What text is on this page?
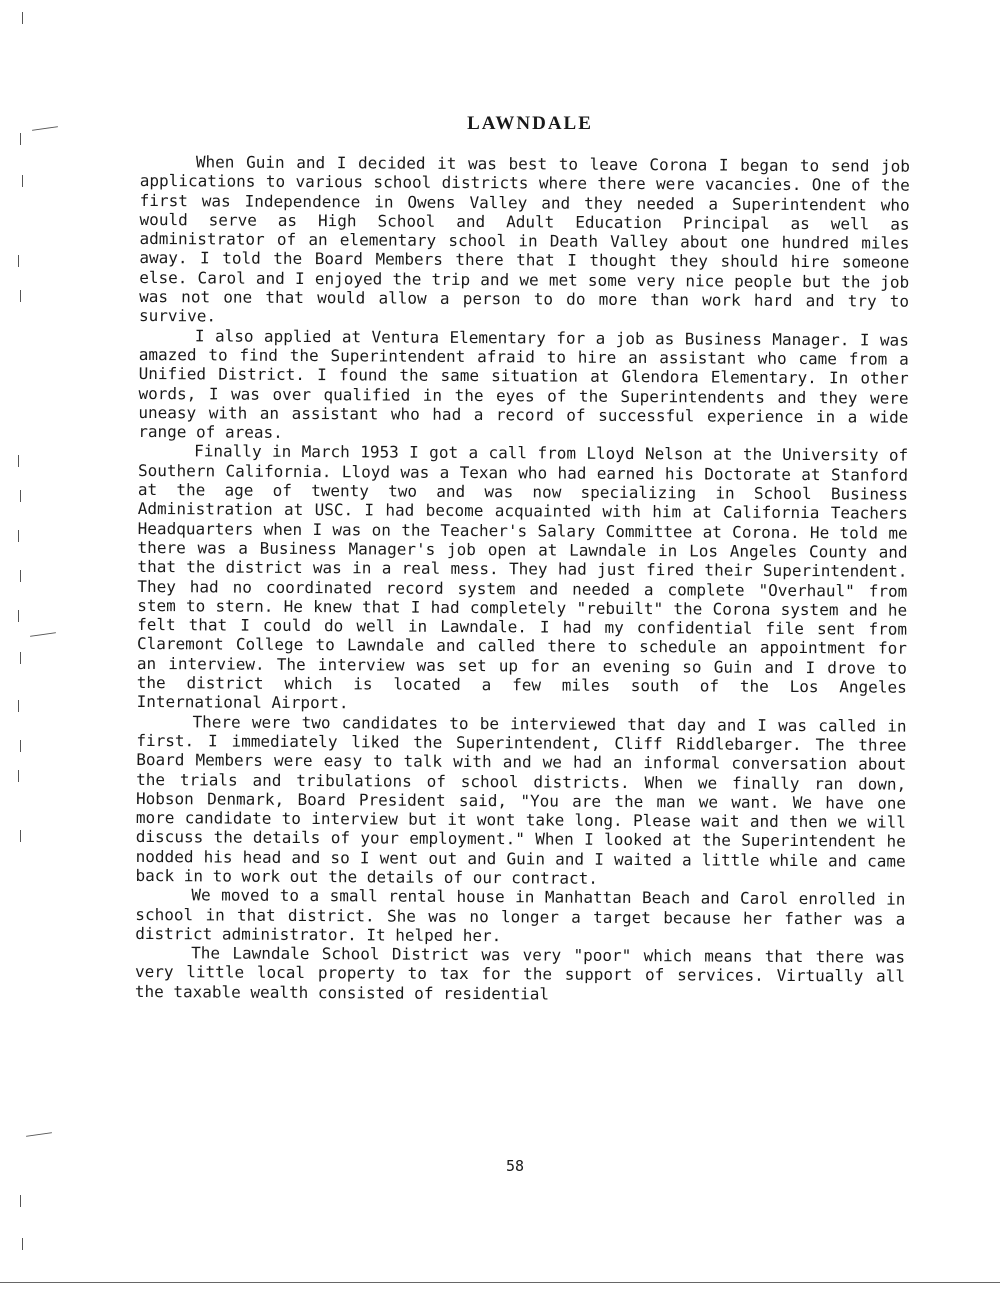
LAWNDALE

When Guin and I decided it was best to leave Corona I began to send job applications to various school districts where there were vacancies. One of the first was Independence in Owens Valley and they needed a Superintendent who would serve as High School and Adult Education Principal as well as administrator of an elementary school in Death Valley about one hundred miles away. I told the Board Members there that I thought they should hire someone else. Carol and I enjoyed the trip and we met some very nice people but the job was not one that would allow a person to do more than work hard and try to survive.

I also applied at Ventura Elementary for a job as Business Manager. I was amazed to find the Superintendent afraid to hire an assistant who came from a Unified District. I found the same situation at Glendora Elementary. In other words, I was over qualified in the eyes of the Superintendents and they were uneasy with an assistant who had a record of successful experience in a wide range of areas.

Finally in March 1953 I got a call from Lloyd Nelson at the University of Southern California. Lloyd was a Texan who had earned his Doctorate at Stanford at the age of twenty two and was now specializing in School Business Administration at USC. I had become acquainted with him at California Teachers Headquarters when I was on the Teacher's Salary Committee at Corona. He told me there was a Business Manager's job open at Lawndale in Los Angeles County and that the district was in a real mess. They had just fired their Superintendent. They had no coordinated record system and needed a complete "Overhaul" from stem to stern. He knew that I had completely "rebuilt" the Corona system and he felt that I could do well in Lawndale. I had my confidential file sent from Claremont College to Lawndale and called there to schedule an appointment for an interview. The interview was set up for an evening so Guin and I drove to the district which is located a few miles south of the Los Angeles International Airport.

There were two candidates to be interviewed that day and I was called in first. I immediately liked the Superintendent, Cliff Riddlebarger. The three Board Members were easy to talk with and we had an informal conversation about the trials and tribulations of school districts. When we finally ran down, Hobson Denmark, Board President said, "You are the man we want. We have one more candidate to interview but it wont take long. Please wait and then we will discuss the details of your employment." When I looked at the Superintendent he nodded his head and so I went out and Guin and I waited a little while and came back in to work out the details of our contract.

We moved to a small rental house in Manhattan Beach and Carol enrolled in school in that district. She was no longer a target because her father was a district administrator. It helped her.

The Lawndale School District was very "poor" which means that there was very little local property to tax for the support of services. Virtually all the taxable wealth consisted of residential

58
